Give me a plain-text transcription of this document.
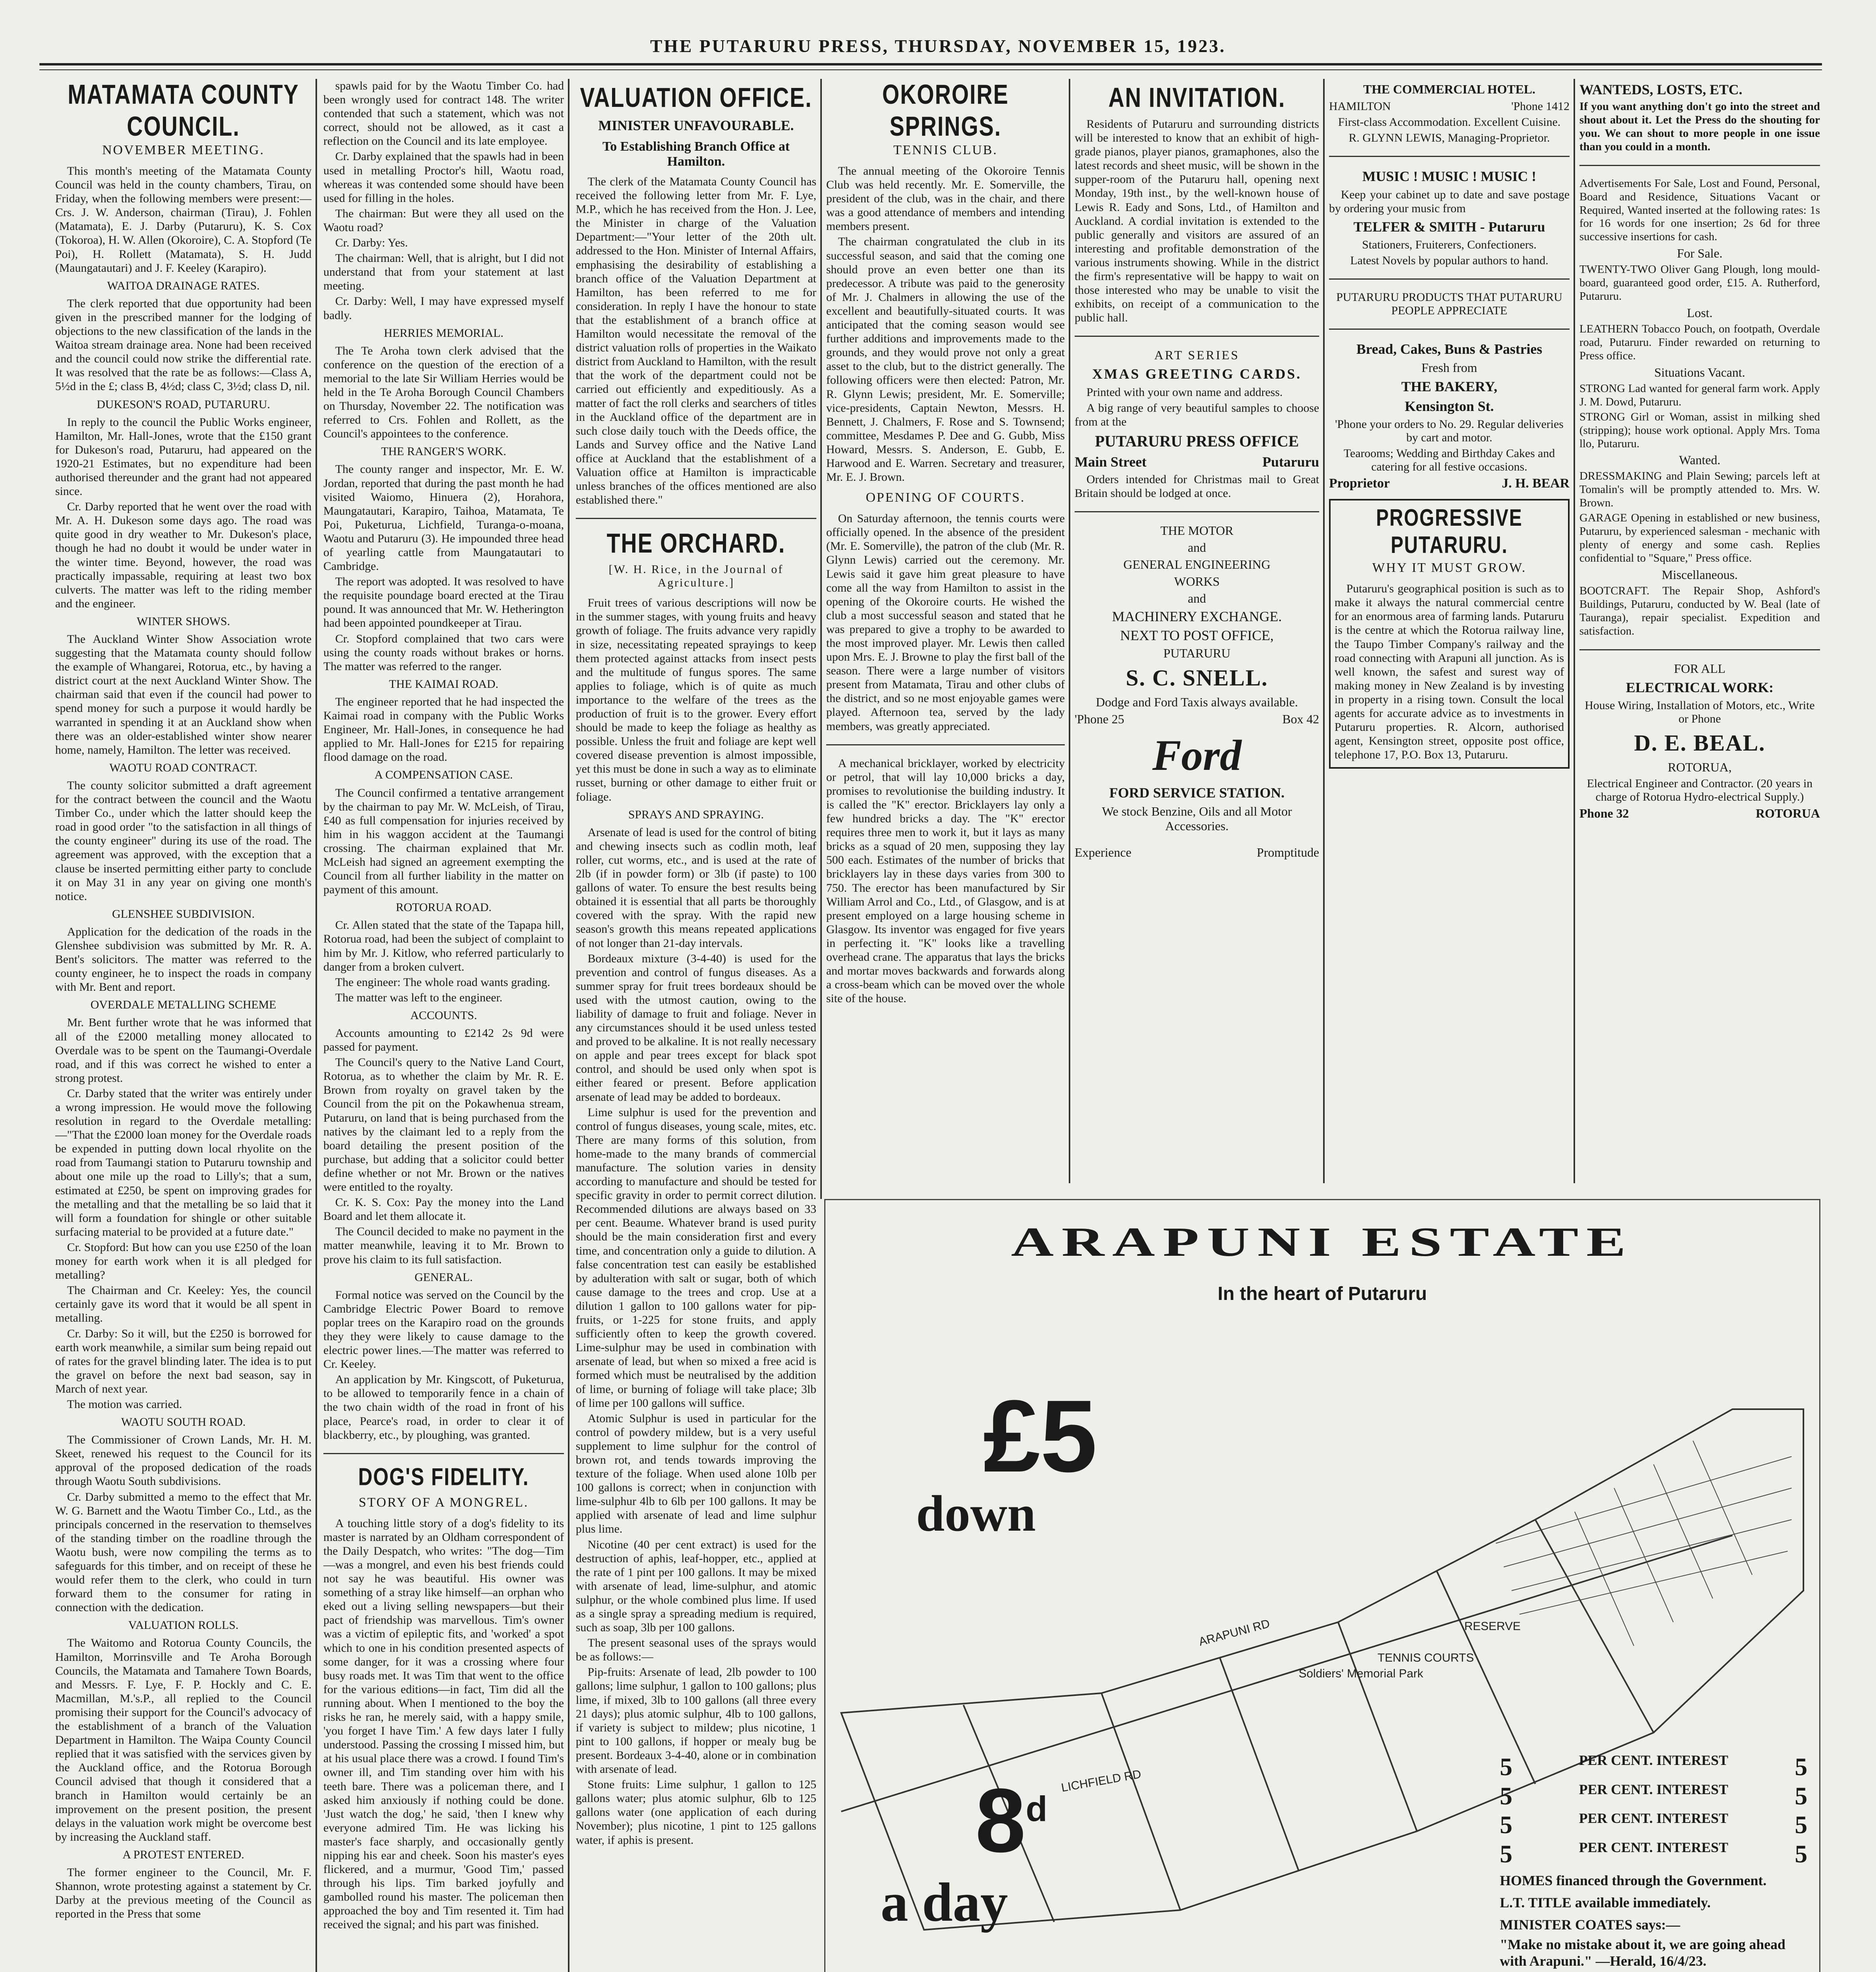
THE PUTARURU PRESS, THURSDAY, NOVEMBER 15, 1923.
MATAMATA COUNTY COUNCIL.
NOVEMBER MEETING.

This month's meeting of the Matamata County Council was held in the county chambers, Tirau, on Friday, when the following members were present:—Crs. J. W. Anderson, chairman (Tirau), J. Fohlen (Matamata), E. J. Darby (Putaruru), K. S. Cox (Tokoroa), H. W. Allen (Okoroire), C. A. Stopford (Te Poi), H. Rollett (Matamata), S. H. Judd (Maungatautari) and J. F. Keeley (Karapiro).

WAITOA DRAINAGE RATES.

The clerk reported that due opportunity had been given in the prescribed manner for the lodging of objections to the new classification of the lands in the Waitoa stream drainage area. None had been received and the council could now strike the differential rate. It was resolved that the rate be as follows:—Class A, 5½d in the £; class B, 4½d; class C, 3½d; class D, nil.

DUKESON'S ROAD, PUTARURU.

In reply to the council the Public Works engineer, Hamilton, Mr. Hall-Jones, wrote that the £150 grant for Dukeson's road, Putaruru, had appeared on the 1920-21 Estimates, but no expenditure had been authorised thereunder and the grant had not appeared since.

Cr. Darby reported that he went over the road with Mr. A. H. Dukeson some days ago. The road was quite good in dry weather to Mr. Dukeson's place, though he had no doubt it would be under water in the winter time. Beyond, however, the road was practically impassable, requiring at least two box culverts. The matter was left to the riding member and the engineer.

WINTER SHOWS.

The Auckland Winter Show Association wrote suggesting that the Matamata county should follow the example of Whangarei, Rotorua, etc., by having a district court at the next Auckland Winter Show. The chairman said that even if the council had power to spend money for such a purpose it would hardly be warranted in spending it at an Auckland show when there was an older-established winter show nearer home, namely, Hamilton. The letter was received.

WAOTU ROAD CONTRACT.

The county solicitor submitted a draft agreement for the contract between the council and the Waotu Timber Co., under which the latter should keep the road in good order "to the satisfaction in all things of the county engineer" during its use of the road. The agreement was approved, with the exception that a clause be inserted permitting either party to conclude it on May 31 in any year on giving one month's notice.

GLENSHEE SUBDIVISION.

Application for the dedication of the roads in the Glenshee subdivision was submitted by Mr. R. A. Bent's solicitors. The matter was referred to the county engineer, he to inspect the roads in company with Mr. Bent and report.

OVERDALE METALLING SCHEME

Mr. Bent further wrote that he was informed that all of the £2000 metalling money allocated to Overdale was to be spent on the Taumangi-Overdale road, and if this was correct he wished to enter a strong protest.

Cr. Darby stated that the writer was entirely under a wrong impression. He would move the following resolution in regard to the Overdale metalling:—"That the £2000 loan money for the Overdale roads be expended in putting down local rhyolite on the road from Taumangi station to Putaruru township and about one mile up the road to Lilly's; that a sum, estimated at £250, be spent on improving grades for the metalling and that the metalling be so laid that it will form a foundation for shingle or other suitable surfacing material to be provided at a future date."

Cr. Stopford: But how can you use £250 of the loan money for earth work when it is all pledged for metalling?

The Chairman and Cr. Keeley: Yes, the council certainly gave its word that it would be all spent in metalling.

Cr. Darby: So it will, but the £250 is borrowed for earth work meanwhile, a similar sum being repaid out of rates for the gravel blinding later. The idea is to put the gravel on before the next bad season, say in March of next year.

The motion was carried.

WAOTU SOUTH ROAD.

The Commissioner of Crown Lands, Mr. H. M. Skeet, renewed his request to the Council for its approval of the proposed dedication of the roads through Waotu South subdivisions.

Cr. Darby submitted a memo to the effect that Mr. W. G. Barnett and the Waotu Timber Co., Ltd., as the principals concerned in the reservation to themselves of the standing timber on the roadline through the Waotu bush, were now compiling the terms as to safeguards for this timber, and on receipt of these he would refer them to the clerk, who could in turn forward them to the consumer for rating in connection with the dedication.

VALUATION ROLLS.

The Waitomo and Rotorua County Councils, the Hamilton, Morrinsville and Te Aroha Borough Councils, the Matamata and Tamahere Town Boards, and Messrs. F. Lye, F. P. Hockly and C. E. Macmillan, M.'s.P., all replied to the Council promising their support for the Council's advocacy of the establishment of a branch of the Valuation Department in Hamilton. The Waipa County Council replied that it was satisfied with the services given by the Auckland office, and the Rotorua Borough Council advised that though it considered that a branch in Hamilton would certainly be an improvement on the present position, the present delays in the valuation work might be overcome best by increasing the Auckland staff.

A PROTEST ENTERED.

The former engineer to the Council, Mr. F. Shannon, wrote protesting against a statement by Cr. Darby at the previous meeting of the Council as reported in the Press that some

spawls paid for by the Waotu Timber Co. had been wrongly used for contract 148. The writer contended that such a statement, which was not correct, should not be allowed, as it cast a reflection on the Council and its late employee.

Cr. Darby explained that the spawls had in been used in metalling Proctor's hill, Waotu road, whereas it was contended some should have been used for filling in the holes.

The chairman: But were they all used on the Waotu road?

Cr. Darby: Yes.

The chairman: Well, that is alright, but I did not understand that from your statement at last meeting.

Cr. Darby: Well, I may have expressed myself badly.

HERRIES MEMORIAL.

The Te Aroha town clerk advised that the conference on the question of the erection of a memorial to the late Sir William Herries would be held in the Te Aroha Borough Council Chambers on Thursday, November 22. The notification was referred to Crs. Fohlen and Rollett, as the Council's appointees to the conference.

THE RANGER'S WORK.

The county ranger and inspector, Mr. E. W. Jordan, reported that during the past month he had visited Waiomo, Hinuera (2), Horahora, Maungatautari, Karapiro, Taihoa, Matamata, Te Poi, Puketurua, Lichfield, Turanga-o-moana, Waotu and Putaruru (3). He impounded three head of yearling cattle from Maungatautari to Cambridge.

The report was adopted. It was resolved to have the requisite poundage board erected at the Tirau pound. It was announced that Mr. W. Hetherington had been appointed poundkeeper at Tirau.

Cr. Stopford complained that two cars were using the county roads without brakes or horns. The matter was referred to the ranger.

THE KAIMAI ROAD.

The engineer reported that he had inspected the Kaimai road in company with the Public Works Engineer, Mr. Hall-Jones, in consequence he had applied to Mr. Hall-Jones for £215 for repairing flood damage on the road.

A COMPENSATION CASE.

The Council confirmed a tentative arrangement by the chairman to pay Mr. W. McLeish, of Tirau, £40 as full compensation for injuries received by him in his waggon accident at the Taumangi crossing. The chairman explained that Mr. McLeish had signed an agreement exempting the Council from all further liability in the matter on payment of this amount.

ROTORUA ROAD.

Cr. Allen stated that the state of the Tapapa hill, Rotorua road, had been the subject of complaint to him by Mr. J. Kitlow, who referred particularly to danger from a broken culvert.

The engineer: The whole road wants grading.

The matter was left to the engineer.

ACCOUNTS.

Accounts amounting to £2142 2s 9d were passed for payment.

The Council's query to the Native Land Court, Rotorua, as to whether the claim by Mr. R. E. Brown from royalty on gravel taken by the Council from the pit on the Pokawhenua stream, Putaruru, on land that is being purchased from the natives by the claimant led to a reply from the board detailing the present position of the purchase, but adding that a solicitor could better define whether or not Mr. Brown or the natives were entitled to the royalty.

Cr. K. S. Cox: Pay the money into the Land Board and let them allocate it.

The Council decided to make no payment in the matter meanwhile, leaving it to Mr. Brown to prove his claim to its full satisfaction.

GENERAL.

Formal notice was served on the Council by the Cambridge Electric Power Board to remove poplar trees on the Karapiro road on the grounds they they were likely to cause damage to the electric power lines.—The matter was referred to Cr. Keeley.

An application by Mr. Kingscott, of Puketurua, to be allowed to temporarily fence in a chain of the two chain width of the road in front of his place, Pearce's road, in order to clear it of blackberry, etc., by ploughing, was granted.

DOG'S FIDELITY.
STORY OF A MONGREL.

A touching little story of a dog's fidelity to its master is narrated by an Oldham correspondent of the Daily Despatch, who writes: "The dog—Tim—was a mongrel, and even his best friends could not say he was beautiful. His owner was something of a stray like himself—an orphan who eked out a living selling newspapers—but their pact of friendship was marvellous. Tim's owner was a victim of epileptic fits, and 'worked' a spot which to one in his condition presented aspects of some danger, for it was a crossing where four busy roads met. It was Tim that went to the office for the various editions—in fact, Tim did all the running about. When I mentioned to the boy the risks he ran, he merely said, with a happy smile, 'you forget I have Tim.' A few days later I fully understood. Passing the crossing I missed him, but at his usual place there was a crowd. I found Tim's owner ill, and Tim standing over him with his teeth bare. There was a policeman there, and I asked him anxiously if nothing could be done. 'Just watch the dog,' he said, 'then I knew why everyone admired Tim. He was licking his master's face sharply, and occasionally gently nipping his ear and cheek. Soon his master's eyes flickered, and a murmur, 'Good Tim,' passed through his lips. Tim barked joyfully and gambolled round his master. The policeman then approached the boy and Tim resented it. Tim had received the signal; and his part was finished.

VALUATION OFFICE.
MINISTER UNFAVOURABLE.
To Establishing Branch Office at Hamilton.

The clerk of the Matamata County Council has received the following letter from Mr. F. Lye, M.P., which he has received from the Hon. J. Lee, the Minister in charge of the Valuation Department:—"Your letter of the 20th ult. addressed to the Hon. Minister of Internal Affairs, emphasising the desirability of establishing a branch office of the Valuation Department at Hamilton, has been referred to me for consideration. In reply I have the honour to state that the establishment of a branch office at Hamilton would necessitate the removal of the district valuation rolls of properties in the Waikato district from Auckland to Hamilton, with the result that the work of the department could not be carried out efficiently and expeditiously. As a matter of fact the roll clerks and searchers of titles in the Auckland office of the department are in such close daily touch with the Deeds office, the Lands and Survey office and the Native Land office at Auckland that the establishment of a Valuation office at Hamilton is impracticable unless branches of the offices mentioned are also established there."

THE ORCHARD.
[W. H. Rice, in the Journal of Agriculture.]

Fruit trees of various descriptions will now be in the summer stages, with young fruits and heavy growth of foliage. The fruits advance very rapidly in size, necessitating repeated sprayings to keep them protected against attacks from insect pests and the multitude of fungus spores. The same applies to foliage, which is of quite as much importance to the welfare of the trees as the production of fruit is to the grower. Every effort should be made to keep the foliage as healthy as possible. Unless the fruit and foliage are kept well covered disease prevention is almost impossible, yet this must be done in such a way as to eliminate russet, burning or other damage to either fruit or foliage.

SPRAYS AND SPRAYING.

Arsenate of lead is used for the control of biting and chewing insects such as codlin moth, leaf roller, cut worms, etc., and is used at the rate of 2lb (if in powder form) or 3lb (if paste) to 100 gallons of water. To ensure the best results being obtained it is essential that all parts be thoroughly covered with the spray. With the rapid new season's growth this means repeated applications of not longer than 21-day intervals.

Bordeaux mixture (3-4-40) is used for the prevention and control of fungus diseases. As a summer spray for fruit trees bordeaux should be used with the utmost caution, owing to the liability of damage to fruit and foliage. Never in any circumstances should it be used unless tested and proved to be alkaline. It is not really necessary on apple and pear trees except for black spot control, and should be used only when spot is either feared or present. Before application arsenate of lead may be added to bordeaux.

Lime sulphur is used for the prevention and control of fungus diseases, young scale, mites, etc. There are many forms of this solution, from home-made to the many brands of commercial manufacture. The solution varies in density according to manufacture and should be tested for specific gravity in order to permit correct dilution. Recommended dilutions are always based on 33 per cent. Beaume. Whatever brand is used purity should be the main consideration first and every time, and concentration only a guide to dilution. A false concentration test can easily be established by adulteration with salt or sugar, both of which cause damage to the trees and crop. Use at a dilution 1 gallon to 100 gallons water for pip-fruits, or 1-225 for stone fruits, and apply sufficiently often to keep the growth covered. Lime-sulphur may be used in combination with arsenate of lead, but when so mixed a free acid is formed which must be neutralised by the addition of lime, or burning of foliage will take place; 3lb of lime per 100 gallons will suffice.

Atomic Sulphur is used in particular for the control of powdery mildew, but is a very useful supplement to lime sulphur for the control of brown rot, and tends towards improving the texture of the foliage. When used alone 10lb per 100 gallons is correct; when in conjunction with lime-sulphur 4lb to 6lb per 100 gallons. It may be applied with arsenate of lead and lime sulphur plus lime.

Nicotine (40 per cent extract) is used for the destruction of aphis, leaf-hopper, etc., applied at the rate of 1 pint per 100 gallons. It may be mixed with arsenate of lead, lime-sulphur, and atomic sulphur, or the whole combined plus lime. If used as a single spray a spreading medium is required, such as soap, 3lb per 100 gallons.

The present seasonal uses of the sprays would be as follows:—

Pip-fruits: Arsenate of lead, 2lb powder to 100 gallons; lime sulphur, 1 gallon to 100 gallons; plus lime, if mixed, 3lb to 100 gallons (all three every 21 days); plus atomic sulphur, 4lb to 100 gallons, if variety is subject to mildew; plus nicotine, 1 pint to 100 gallons, if hopper or mealy bug be present. Bordeaux 3-4-40, alone or in combination with arsenate of lead.

Stone fruits: Lime sulphur, 1 gallon to 125 gallons water; plus atomic sulphur, 6lb to 125 gallons water (one application of each during November); plus nicotine, 1 pint to 125 gallons water, if aphis is present.

OKOROIRE SPRINGS.
TENNIS CLUB.

The annual meeting of the Okoroire Tennis Club was held recently. Mr. E. Somerville, the president of the club, was in the chair, and there was a good attendance of members and intending members present.

The chairman congratulated the club in its successful season, and said that the coming one should prove an even better one than its predecessor. A tribute was paid to the generosity of Mr. J. Chalmers in allowing the use of the excellent and beautifully-situated courts. It was anticipated that the coming season would see further additions and improvements made to the grounds, and they would prove not only a great asset to the club, but to the district generally. The following officers were then elected: Patron, Mr. R. Glynn Lewis; president, Mr. E. Somerville; vice-presidents, Captain Newton, Messrs. H. Bennett, J. Chalmers, F. Rose and S. Townsend; committee, Mesdames P. Dee and G. Gubb, Miss Howard, Messrs. S. Anderson, E. Gubb, E. Harwood and E. Warren. Secretary and treasurer, Mr. E. J. Brown.

OPENING OF COURTS.

On Saturday afternoon, the tennis courts were officially opened. In the absence of the president (Mr. E. Somerville), the patron of the club (Mr. R. Glynn Lewis) carried out the ceremony. Mr. Lewis said it gave him great pleasure to have come all the way from Hamilton to assist in the opening of the Okoroire courts. He wished the club a most successful season and stated that he was prepared to give a trophy to be awarded to the most improved player. Mr. Lewis then called upon Mrs. E. J. Browne to play the first ball of the season. There were a large number of visitors present from Matamata, Tirau and other clubs of the district, and so ne most enjoyable games were played. Afternoon tea, served by the lady members, was greatly appreciated.

A mechanical bricklayer, worked by electricity or petrol, that will lay 10,000 bricks a day, promises to revolutionise the building industry. It is called the "K" erector. Bricklayers lay only a few hundred bricks a day. The "K" erector requires three men to work it, but it lays as many bricks as a squad of 20 men, supposing they lay 500 each. Estimates of the number of bricks that bricklayers lay in these days varies from 300 to 750. The erector has been manufactured by Sir William Arrol and Co., Ltd., of Glasgow, and is at present employed on a large housing scheme in Glasgow. Its inventor was engaged for five years in perfecting it. "K" looks like a travelling overhead crane. The apparatus that lays the bricks and mortar moves backwards and forwards along a cross-beam which can be moved over the whole site of the house.

AN INVITATION.

Residents of Putaruru and surrounding districts will be interested to know that an exhibit of high-grade pianos, player pianos, gramaphones, also the latest records and sheet music, will be shown in the supper-room of the Putaruru hall, opening next Monday, 19th inst., by the well-known house of Lewis R. Eady and Sons, Ltd., of Hamilton and Auckland. A cordial invitation is extended to the public generally and visitors are assured of an interesting and profitable demonstration of the various instruments showing. While in the district the firm's representative will be happy to wait on those interested who may be unable to visit the exhibits, on receipt of a communication to the public hall.

ART SERIES
XMAS GREETING CARDS.

Printed with your own name and address.

A big range of very beautiful samples to choose from at the

PUTARURU PRESS OFFICE
Main Street	Putaruru

Orders intended for Christmas mail to Great Britain should be lodged at once.

THE MOTOR
and
GENERAL ENGINEERING
WORKS
and
MACHINERY EXCHANGE.
NEXT TO POST OFFICE,
PUTARURU
S. C. SNELL.
Dodge and Ford Taxis always available.
'Phone 25	Box 42
Ford
FORD SERVICE STATION.
We stock Benzine, Oils and all Motor Accessories.
Experience	Promptitude
THE COMMERCIAL HOTEL.
HAMILTON	'Phone 1412
First-class Accommodation. Excellent Cuisine.
R. GLYNN LEWIS, Managing-Proprietor.
MUSIC ! MUSIC ! MUSIC !

Keep your cabinet up to date and save postage by ordering your music from

TELFER & SMITH - Putaruru
Stationers, Fruiterers, Confectioners.
Latest Novels by popular authors to hand.
PUTARURU PRODUCTS THAT PUTARURU PEOPLE APPRECIATE
Bread, Cakes, Buns & Pastries
Fresh from
THE BAKERY,
Kensington St.
'Phone your orders to No. 29. Regular deliveries by cart and motor.
Tearooms; Wedding and Birthday Cakes and catering for all festive occasions.
Proprietor	J. H. BEAR
PROGRESSIVE PUTARURU.
WHY IT MUST GROW.

Putaruru's geographical position is such as to make it always the natural commercial centre for an enormous area of farming lands. Putaruru is the centre at which the Rotorua railway line, the Taupo Timber Company's railway and the road connecting with Arapuni all junction. As is well known, the safest and surest way of making money in New Zealand is by investing in property in a rising town. Consult the local agents for accurate advice as to investments in Putaruru properties. R. Alcorn, authorised agent, Kensington street, opposite post office, telephone 17, P.O. Box 13, Putaruru.

WANTEDS, LOSTS, ETC.

If you want anything don't go into the street and shout about it. Let the Press do the shouting for you. We can shout to more people in one issue than you could in a month.

Advertisements For Sale, Lost and Found, Personal, Board and Residence, Situations Vacant or Required, Wanted inserted at the following rates: 1s for 16 words for one insertion; 2s 6d for three successive insertions for cash.

For Sale.

TWENTY-TWO Oliver Gang Plough, long mould-board, guaranteed good order, £15. A. Rutherford, Putaruru.

Lost.

LEATHERN Tobacco Pouch, on footpath, Overdale road, Putaruru. Finder rewarded on returning to Press office.

Situations Vacant.

STRONG Lad wanted for general farm work. Apply J. M. Dowd, Putaruru.

STRONG Girl or Woman, assist in milking shed (stripping); house work optional. Apply Mrs. Toma llo, Putaruru.

Wanted.

DRESSMAKING and Plain Sewing; parcels left at Tomalin's will be promptly attended to. Mrs. W. Brown.

GARAGE Opening in established or new business, Putaruru, by experienced salesman - mechanic with plenty of energy and some cash. Replies confidential to "Square," Press office.

Miscellaneous.

BOOTCRAFT. The Repair Shop, Ashford's Buildings, Putaruru, conducted by W. Beal (late of Tauranga), repair specialist. Expedition and satisfaction.

FOR ALL
ELECTRICAL WORK:
House Wiring, Installation of Motors, etc., Write or Phone
D. E. BEAL.
ROTORUA,
Electrical Engineer and Contractor. (20 years in charge of Rotorua Hydro-electrical Supply.)
Phone 32	ROTORUA
ARAPUNI ESTATE
In the heart of Putaruru
ARAPUNI RD
Soldiers' Memorial Park
TENNIS COURTS
RESERVE
LICHFIELD RD
£5
down
8$^d$
a day
5	PER CENT. INTEREST	5
5	PER CENT. INTEREST	5
5	PER CENT. INTEREST	5
5	PER CENT. INTEREST	5
HOMES financed through the Government.
L.T. TITLE available immediately.
MINISTER COATES says:—
"Make no mistake about it, we are going ahead with Arapuni." —Herald, 16/4/23.
